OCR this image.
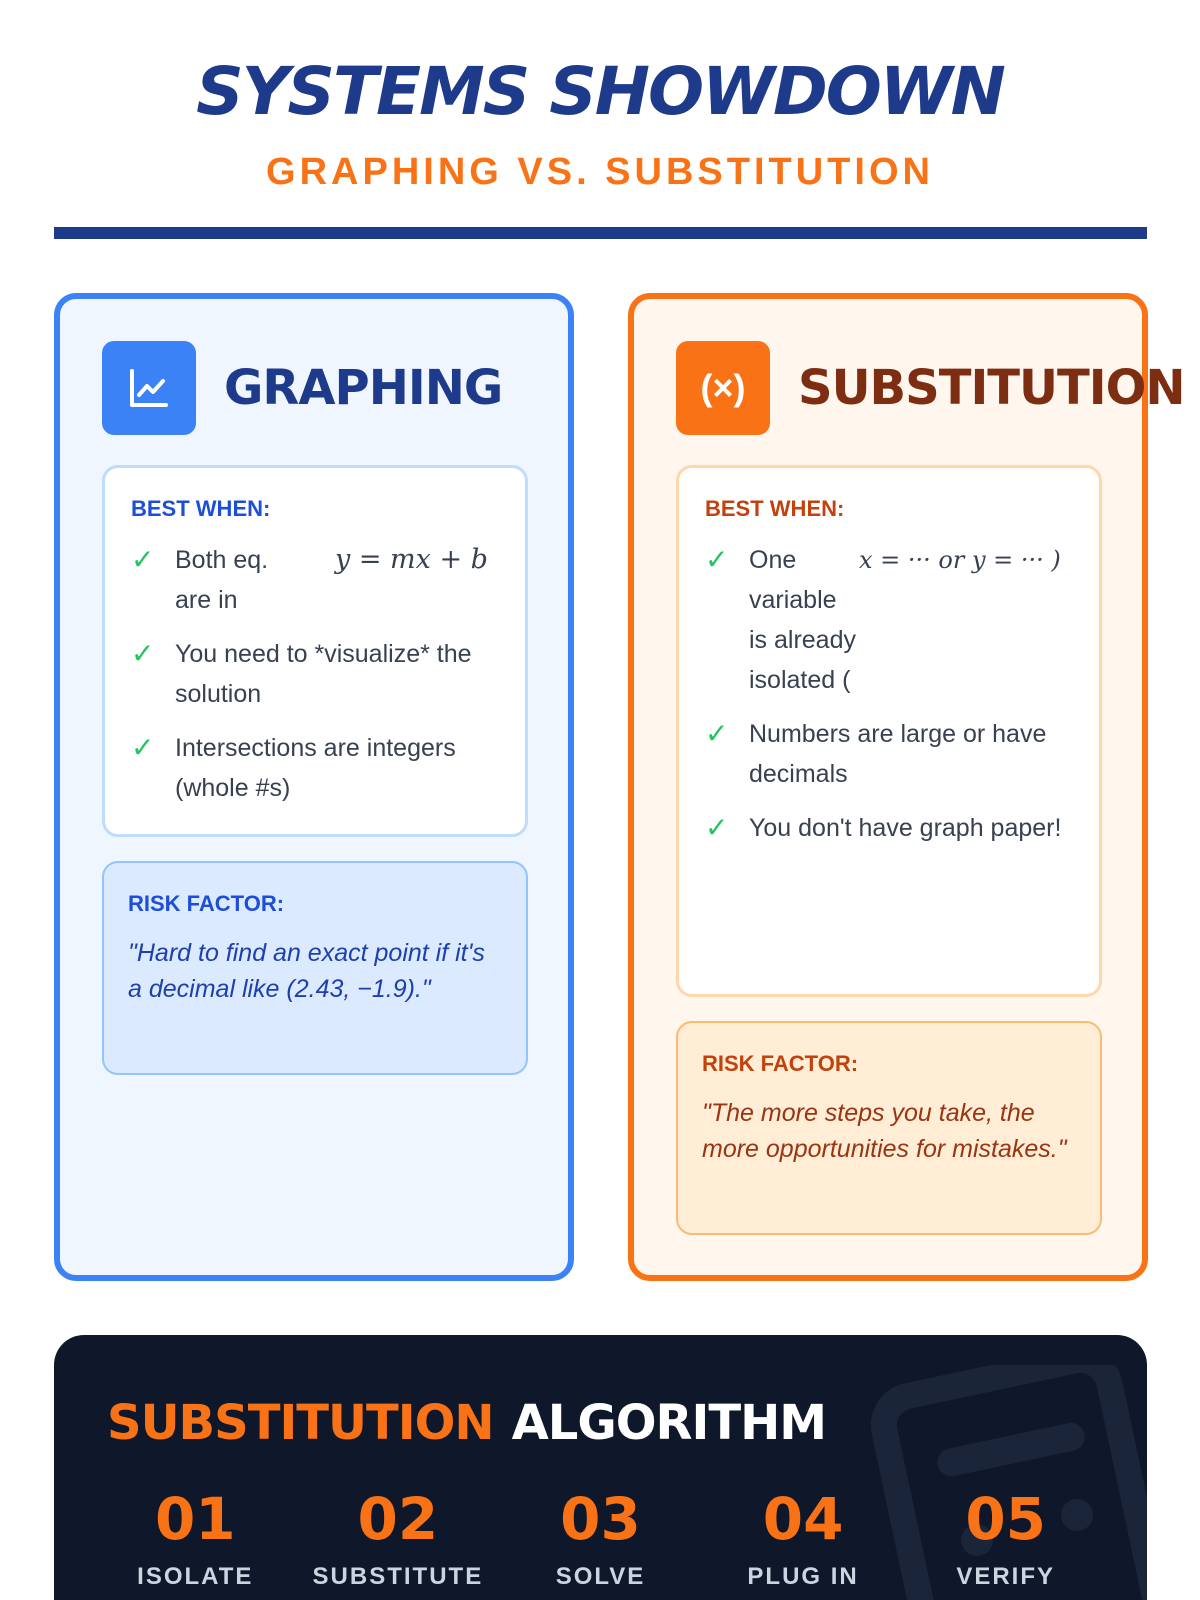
SYSTEMS SHOWDOWN
GRAPHING VS. SUBSTITUTION
GRAPHING
BEST WHEN:
✓ Both eq. are in
y = mx + b
✓ You need to *visualize* the solution
✓ Intersections are integers (whole #s)
RISK FACTOR:
"Hard to find an exact point if it's a decimal like (2.43, −1.9)."
(×)	SUBSTITUTION
BEST WHEN:
✓ One variable is already isolated (
x = ··· or y = ··· )
✓ Numbers are large or have decimals
✓ You don't have graph paper!
RISK FACTOR:
"The more steps you take, the more opportunities for mistakes."
SUBSTITUTION ALGORITHM
01
ISOLATE
02
SUBSTITUTE
03
SOLVE
04
PLUG IN
05
VERIFY
